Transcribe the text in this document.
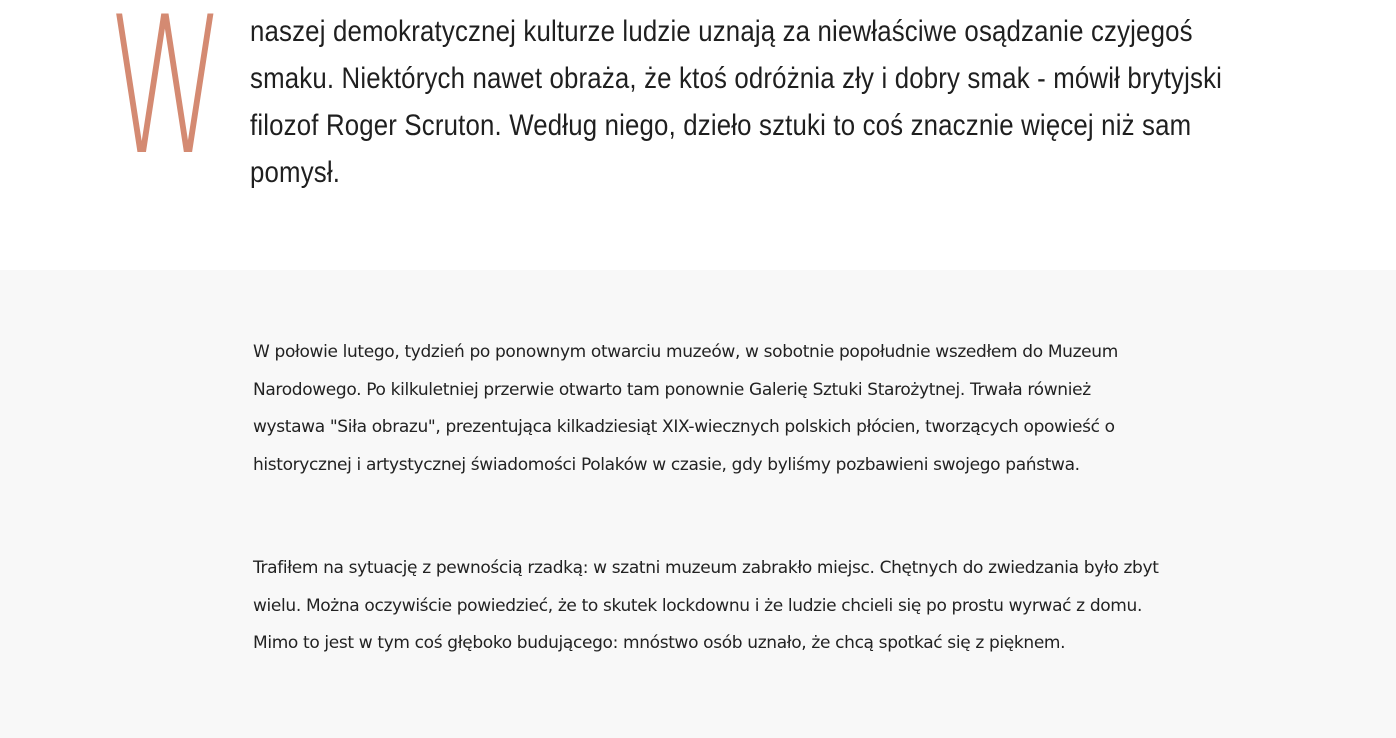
W naszej demokratycznej kulturze ludzie uznają za niewłaściwe osądzanie czyjegoś smaku. Niektórych nawet obraża, że ktoś odróżnia zły i dobry smak - mówił brytyjski filozof Roger Scruton. Według niego, dzieło sztuki to coś znacznie więcej niż sam pomysł.

W połowie lutego, tydzień po ponownym otwarciu muzeów, w sobotnie popołudnie wszedłem do Muzeum Narodowego. Po kilkuletniej przerwie otwarto tam ponownie Galerię Sztuki Starożytnej. Trwała również wystawa "Siła obrazu", prezentująca kilkadziesiąt XIX-wiecznych polskich płócien, tworzących opowieść o historycznej i artystycznej świadomości Polaków w czasie, gdy byliśmy pozbawieni swojego państwa.

Trafiłem na sytuację z pewnością rzadką: w szatni muzeum zabrakło miejsc. Chętnych do zwiedzania było zbyt wielu. Można oczywiście powiedzieć, że to skutek lockdownu i że ludzie chcieli się po prostu wyrwać z domu. Mimo to jest w tym coś głęboko budującego: mnóstwo osób uznało, że chcą spotkać się z pięknem.
